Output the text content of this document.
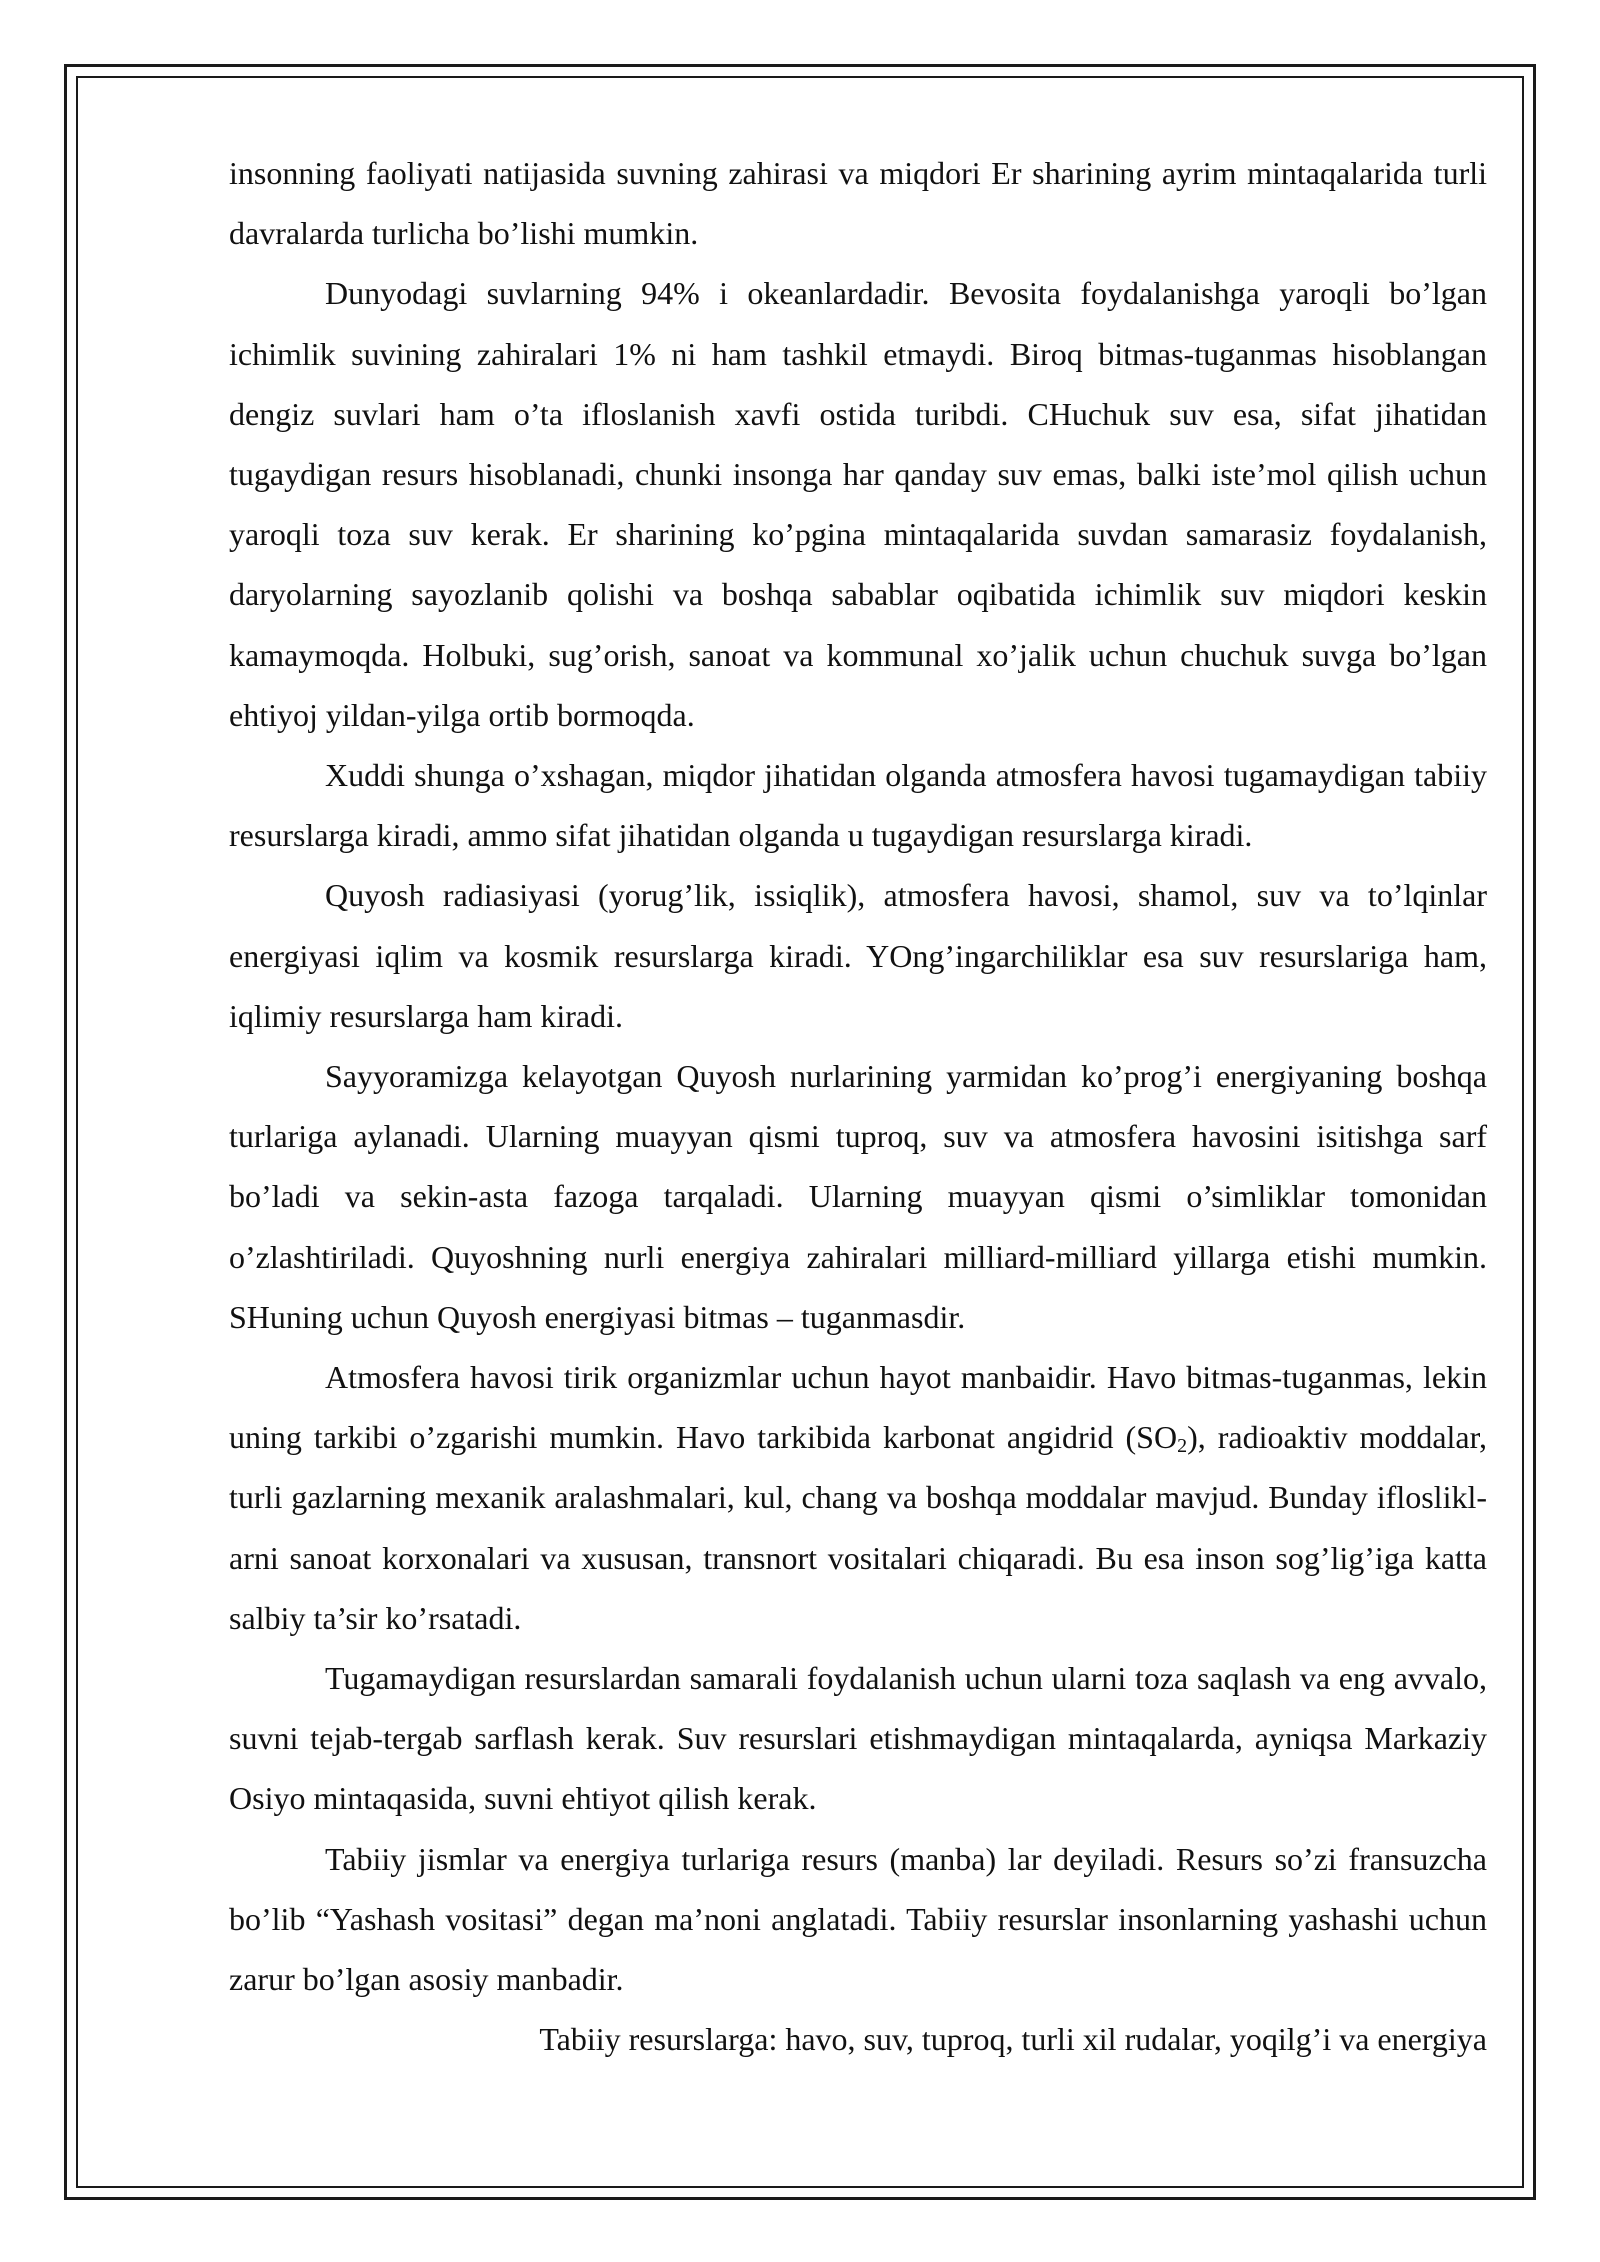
insonning faoliyati natijasida suvning zahirasi va miqdori Er sharining ayrim mintaqalarida turli davralarda turlicha bo’lishi mumkin.

Dunyodagi suvlarning 94% i okeanlardadir. Bevosita foydalanishga yaroqli bo’lgan ichimlik suvining zahiralari 1% ni ham tashkil etmaydi. Biroq bitmas-tuganmas hisoblangan dengiz suvlari ham o’ta ifloslanish xavfi ostida turibdi. CHuchuk suv esa, sifat jihatidan tugaydigan resurs hisoblanadi, chunki insonga har qanday suv emas, balki iste’mol qilish uchun yaroqli toza suv kerak. Er sharining ko’pgina mintaqalarida suvdan samarasiz foydalanish, daryolarning sayozlanib qolishi va boshqa sabablar oqibatida ichimlik suv miqdori keskin kamaymoqda. Holbuki, sug’orish, sanoat va kommunal xo’jalik uchun chuchuk suvga bo’lgan ehtiyoj yildan-yilga ortib bormoqda.

Xuddi shunga o’xshagan, miqdor jihatidan olganda atmosfera havosi tugamaydigan tabiiy resurslarga kiradi, ammo sifat jihatidan olganda u tugaydigan resurslarga kiradi.

Quyosh radiasiyasi (yorug’lik, issiqlik), atmosfera havosi, shamol, suv va to’lqinlar energiyasi iqlim va kosmik resurslarga kiradi. YOng’ingarchiliklar esa suv resurslariga ham, iqlimiy resurslarga ham kiradi.

Sayyoramizga kelayotgan Quyosh nurlarining yarmidan ko’prog’i energiyaning boshqa turlariga aylanadi. Ularning muayyan qismi tuproq, suv va atmosfera havosini isitishga sarf bo’ladi va sekin-asta fazoga tarqaladi. Ularning muayyan qismi o’simliklar tomonidan o’zlashtiriladi. Quyoshning nurli energiya zahiralari milliard-milliard yillarga etishi mumkin. SHuning uchun Quyosh energiyasi bitmas – tuganmasdir.

Atmosfera havosi tirik organizmlar uchun hayot manbaidir. Havo bitmas-tuganmas, lekin uning tarkibi o’zgarishi mumkin. Havo tarkibida karbonat angidrid $(SO_2)$, radioaktiv moddalar, turli gazlarning mexanik aralashmalari, kul, chang va boshqa moddalar mavjud. Bunday iflosliklarni sanoat korxonalari va xususan, transnort vositalari chiqaradi. Bu esa inson sog’lig’iga katta salbiy ta’sir ko’rsatadi.

Tugamaydigan resurslardan samarali foydalanish uchun ularni toza saqlash va eng avvalo, suvni tejab-tergab sarflash kerak. Suv resurslari etishmaydigan mintaqalarda, ayniqsa Markaziy Osiyo mintaqasida, suvni ehtiyot qilish kerak.

Tabiiy jismlar va energiya turlariga resurs (manba) lar deyiladi. Resurs so’zi fransuzcha bo’lib “Yashash vositasi” degan ma’noni anglatadi. Tabiiy resurslar insonlarning yashashi uchun zarur bo’lgan asosiy manbadir.

Tabiiy resurslarga: havo, suv, tuproq, turli xil rudalar, yoqilg’i va energiya
